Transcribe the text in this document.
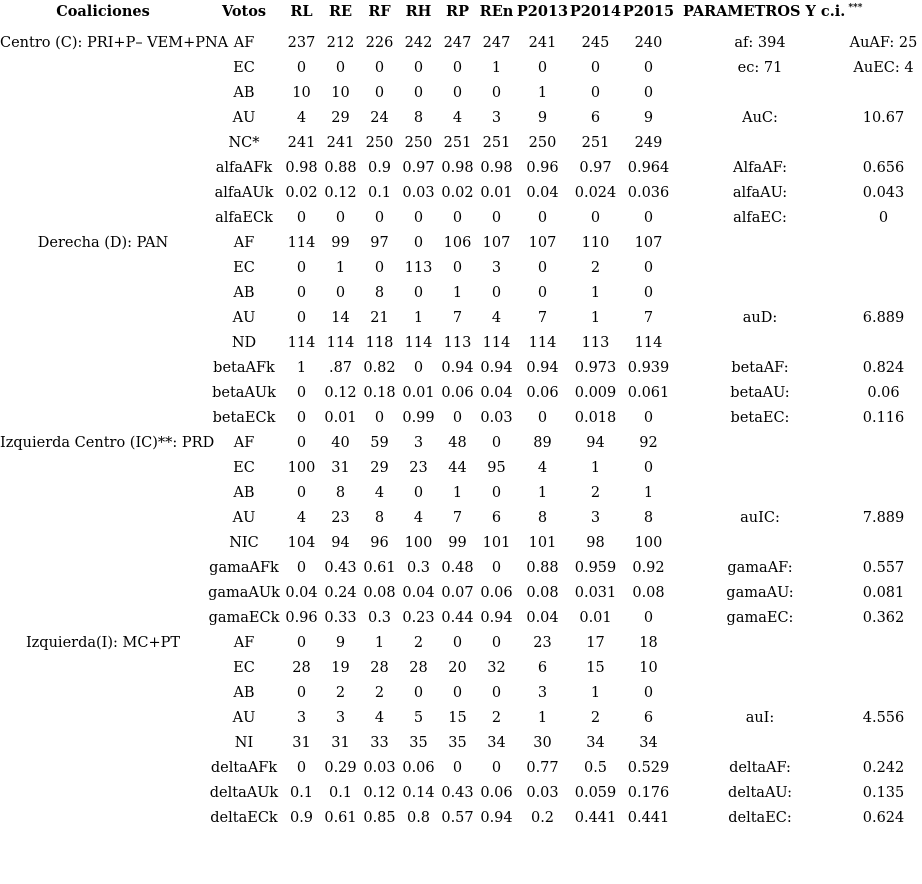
Coaliciones	Votos	RL	RE	RF	RH	RP	REn	P2013	P2014	P2015	PARAMETROS Y c.i. ***
Centro (C): PRI+P– VEM+PNA	AF	237	212	226	242	247	247	241	245	240	af: 394	AuAF: 25
	EC	0	0	0	0	0	1	0	0	0	ec: 71	AuEC: 4
	AB	10	10	0	0	0	0	1	0	0		
	AU	4	29	24	8	4	3	9	6	9	AuC:	10.67
	NC*	241	241	250	250	251	251	250	251	249		
	alfaAFk	0.98	0.88	0.9	0.97	0.98	0.98	0.96	0.97	0.964	AlfaAF:	0.656
	alfaAUk	0.02	0.12	0.1	0.03	0.02	0.01	0.04	0.024	0.036	alfaAU:	0.043
	alfaECk	0	0	0	0	0	0	0	0	0	alfaEC:	0
Derecha (D): PAN	AF	114	99	97	0	106	107	107	110	107		
	EC	0	1	0	113	0	3	0	2	0		
	AB	0	0	8	0	1	0	0	1	0		
	AU	0	14	21	1	7	4	7	1	7	auD:	6.889
	ND	114	114	118	114	113	114	114	113	114		
	betaAFk	1	.87	0.82	0	0.94	0.94	0.94	0.973	0.939	betaAF:	0.824
	betaAUk	0	0.12	0.18	0.01	0.06	0.04	0.06	0.009	0.061	betaAU:	0.06
	betaECk	0	0.01	0	0.99	0	0.03	0	0.018	0	betaEC:	0.116
Izquierda Centro (IC)**: PRD	AF	0	40	59	3	48	0	89	94	92		
	EC	100	31	29	23	44	95	4	1	0		
	AB	0	8	4	0	1	0	1	2	1		
	AU	4	23	8	4	7	6	8	3	8	auIC:	7.889
	NIC	104	94	96	100	99	101	101	98	100		
	gamaAFk	0	0.43	0.61	0.3	0.48	0	0.88	0.959	0.92	gamaAF:	0.557
	gamaAUk	0.04	0.24	0.08	0.04	0.07	0.06	0.08	0.031	0.08	gamaAU:	0.081
	gamaECk	0.96	0.33	0.3	0.23	0.44	0.94	0.04	0.01	0	gamaEC:	0.362
Izquierda(I): MC+PT	AF	0	9	1	2	0	0	23	17	18		
	EC	28	19	28	28	20	32	6	15	10		
	AB	0	2	2	0	0	0	3	1	0		
	AU	3	3	4	5	15	2	1	2	6	auI:	4.556
	NI	31	31	33	35	35	34	30	34	34		
	deltaAFk	0	0.29	0.03	0.06	0	0	0.77	0.5	0.529	deltaAF:	0.242
	deltaAUk	0.1	0.1	0.12	0.14	0.43	0.06	0.03	0.059	0.176	deltaAU:	0.135
	deltaECk	0.9	0.61	0.85	0.8	0.57	0.94	0.2	0.441	0.441	deltaEC:	0.624
